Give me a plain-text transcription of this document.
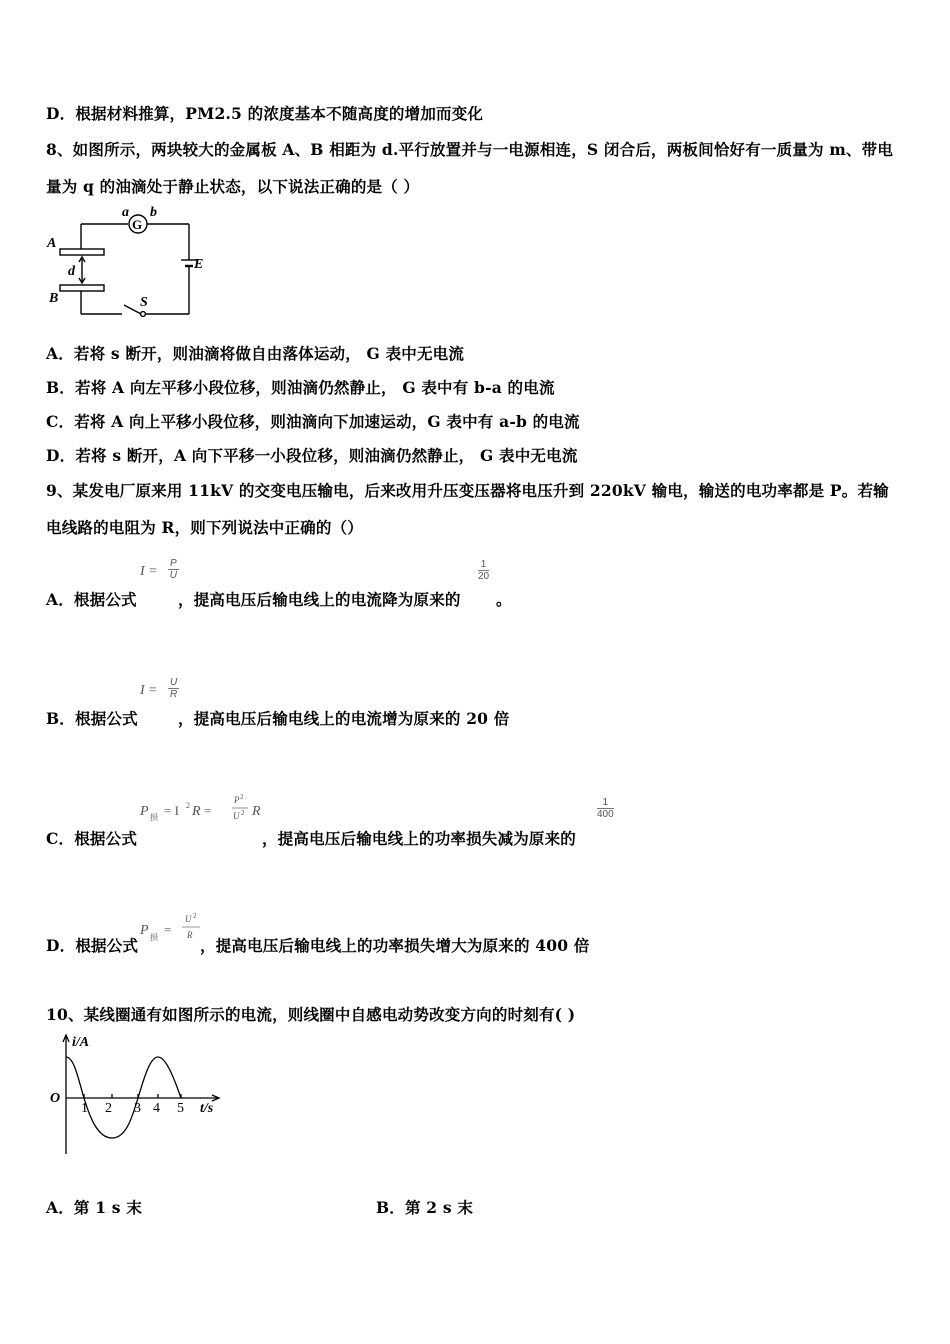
D．根据材料推算，PM2.5 的浓度基本不随高度的增加而变化
8、如图所示，两块较大的金属板 A、B 相距为 d.平行放置并与一电源相连，S 闭合后，两板间恰好有一质量为 m、带电
量为 q 的油滴处于静止状态，以下说法正确的是（ ）
G
a b
A
d
B
E
S
A．若将 s 断开，则油滴将做自由落体运动， G 表中无电流
B．若将 A 向左平移小段位移，则油滴仍然静止， G 表中有 b-a 的电流
C．若将 A 向上平移小段位移，则油滴向下加速运动，G 表中有 a-b 的电流
D．若将 s 断开，A 向下平移一小段位移，则油滴仍然静止， G 表中无电流
9、某发电厂原来用 11kV 的交变电压输电，后来改用升压变压器将电压升到 220kV 输电，输送的电功率都是 P。若输
电线路的电阻为 R，则下列说法中正确的（）
A．根据公式
I =
P
U
，提高电压后输电线上的电流降为原来的
1
20
。
B．根据公式
I =
U
R
，提高电压后输电线上的电流增为原来的 20 倍
C．根据公式
P 损 = I 2 R =
P 2
U 2 R
，提高电压后输电线上的功率损失减为原来的
1
400
D．根据公式
P 损
=
U 2
R
，提高电压后输电线上的功率损失增大为原来的 400 倍
10、某线圈通有如图所示的电流，则线圈中自感电动势改变方向的时刻有( )
i/A
O
1 2 3 4 5 t/s
A．第 1 s 末	B．第 2 s 末
